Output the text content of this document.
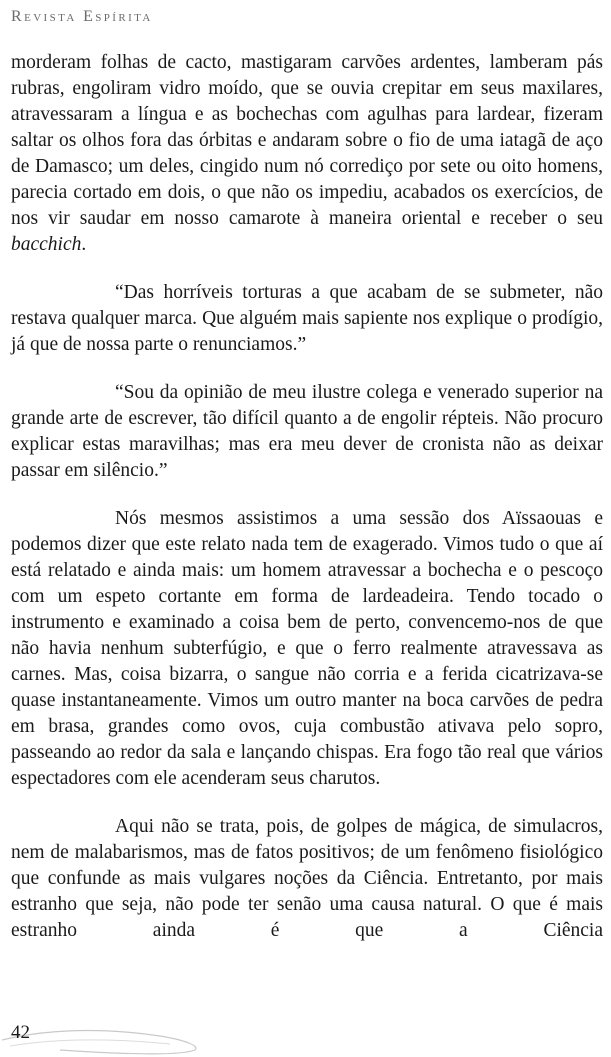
Revista Espírita

morderam folhas de cacto, mastigaram carvões ardentes, lamberam pás rubras, engoliram vidro moído, que se ouvia crepitar em seus maxilares, atravessaram a língua e as bochechas com agulhas para lardear, fizeram saltar os olhos fora das órbitas e andaram sobre o fio de uma iatagã de aço de Damasco; um deles, cingido num nó corrediço por sete ou oito homens, parecia cortado em dois, o que não os impediu, acabados os exercícios, de nos vir saudar em nosso camarote à maneira oriental e receber o seu bacchich.

“Das horríveis torturas a que acabam de se submeter, não restava qualquer marca. Que alguém mais sapiente nos explique o prodígio, já que de nossa parte o renunciamos.”

“Sou da opinião de meu ilustre colega e venerado superior na grande arte de escrever, tão difícil quanto a de engolir répteis. Não procuro explicar estas maravilhas; mas era meu dever de cronista não as deixar passar em silêncio.”

Nós mesmos assistimos a uma sessão dos Aïssaouas e podemos dizer que este relato nada tem de exagerado. Vimos tudo o que aí está relatado e ainda mais: um homem atravessar a bochecha e o pescoço com um espeto cortante em forma de lardeadeira. Tendo tocado o instrumento e examinado a coisa bem de perto, convencemo-nos de que não havia nenhum subterfúgio, e que o ferro realmente atravessava as carnes. Mas, coisa bizarra, o sangue não corria e a ferida cicatrizava-se quase instantaneamente. Vimos um outro manter na boca carvões de pedra em brasa, grandes como ovos, cuja combustão ativava pelo sopro, passeando ao redor da sala e lançando chispas. Era fogo tão real que vários espectadores com ele acenderam seus charutos.

Aqui não se trata, pois, de golpes de mágica, de simulacros, nem de malabarismos, mas de fatos positivos; de um fenômeno fisiológico que confunde as mais vulgares noções da Ciência. Entretanto, por mais estranho que seja, não pode ter senão uma causa natural. O que é mais estranho ainda é que a Ciência

42
